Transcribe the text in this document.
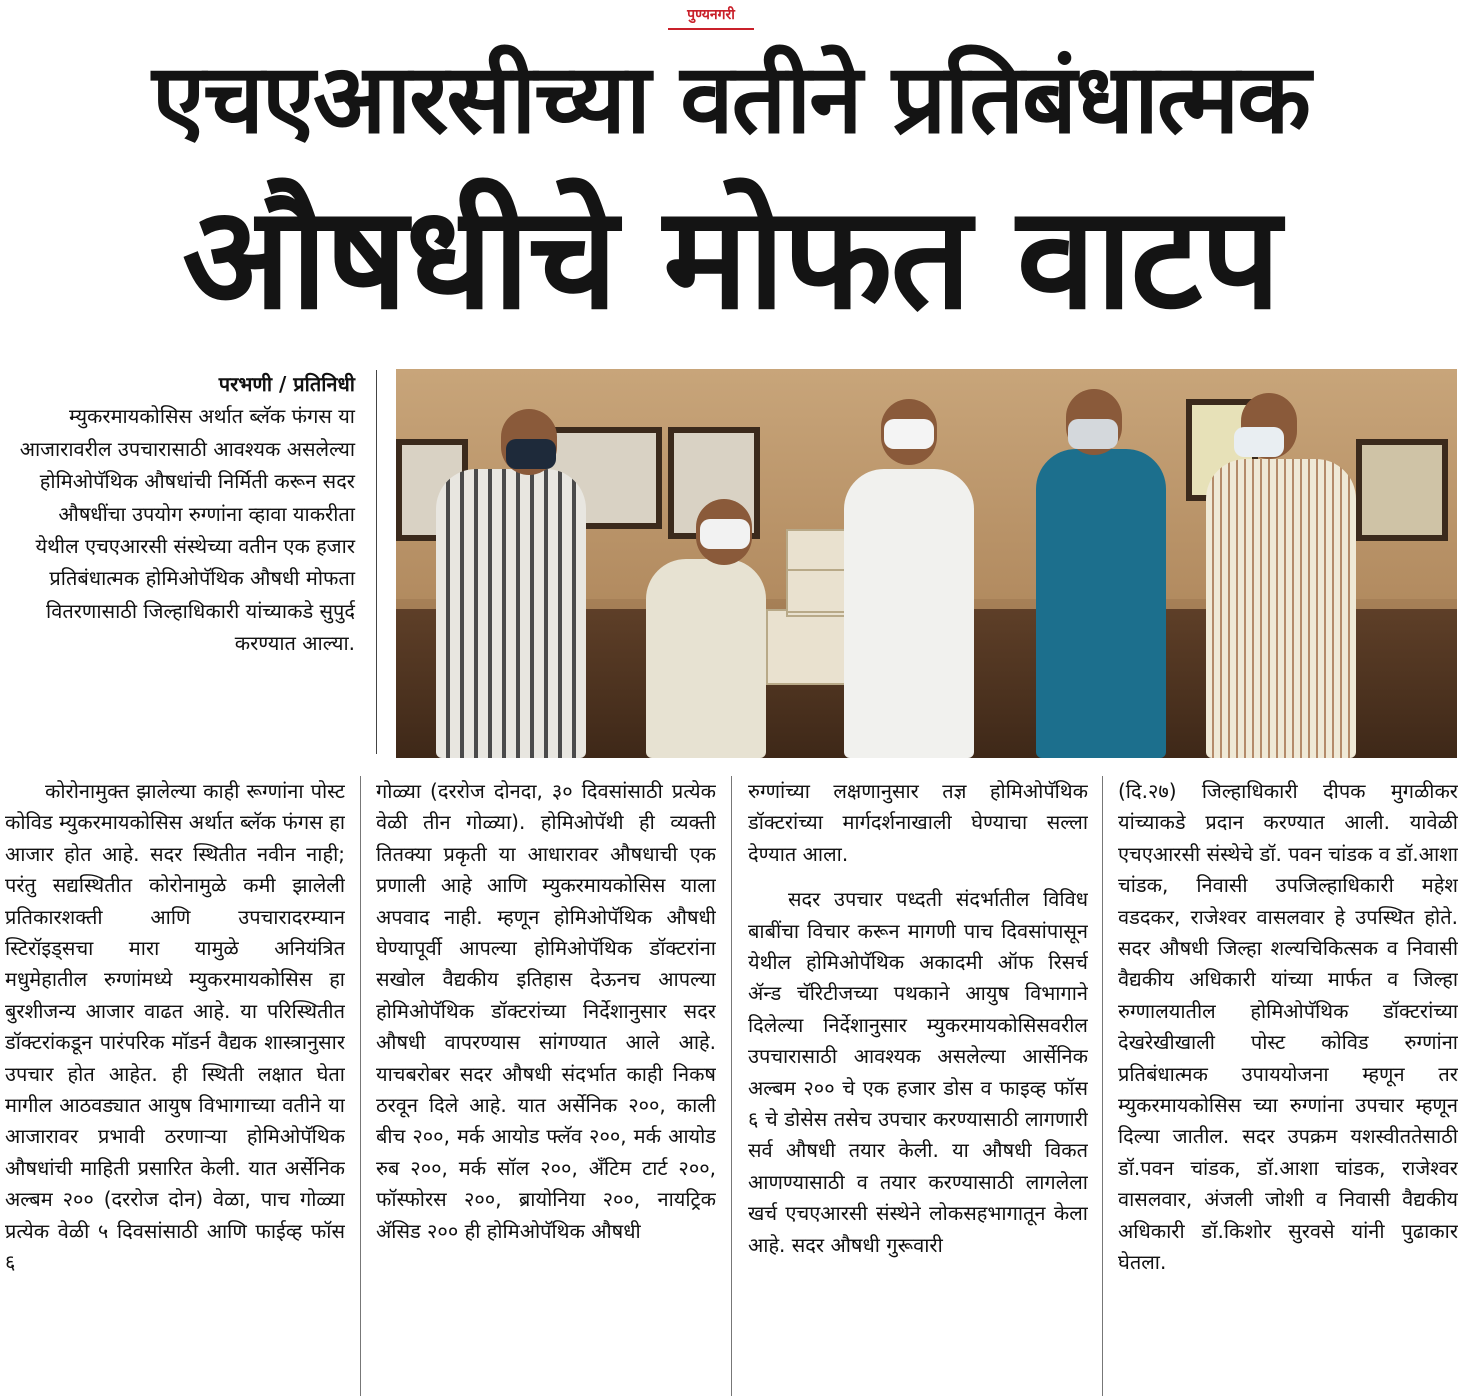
पुण्यनगरी
एचएआरसीच्या वतीने प्रतिबंधात्मक
औषधीचे मोफत वाटप
परभणी / प्रतिनिधी
म्युकरमायकोसिस अर्थात ब्लॅक फंगस या आजारावरील उपचारासाठी आवश्यक असलेल्या होमिओपॅथिक औषधांची निर्मिती करून सदर औषधींचा उपयोग रुग्णांना व्हावा याकरीता येथील एचएआरसी संस्थेच्या वतीन एक हजार प्रतिबंधात्मक होमिओपॅथिक औषधी मोफता वितरणासाठी जिल्हाधिकारी यांच्याकडे सुपुर्द करण्यात आल्या.

कोरोनामुक्त झालेल्या काही रूग्णांना पोस्ट कोविड म्युकरमायकोसिस अर्थात ब्लॅक फंगस हा आजार होत आहे. सदर स्थितीत नवीन नाही; परंतु सद्यस्थितीत कोरोनामुळे कमी झालेली प्रतिकारशक्ती आणि उपचारादरम्यान स्टिरॉइड्सचा मारा यामुळे अनियंत्रित मधुमेहातील रुग्णांमध्ये म्युकरमायकोसिस हा बुरशीजन्य आजार वाढत आहे. या परिस्थितीत डॉक्टरांकडून पारंपरिक मॉडर्न वैद्यक शास्त्रानुसार उपचार होत आहेत. ही स्थिती लक्षात घेता मागील आठवड्यात आयुष विभागाच्या वतीने या आजारावर प्रभावी ठरणाऱ्या होमिओपॅथिक औषधांची माहिती प्रसारित केली. यात अर्सेनिक अल्बम २०० (दररोज दोन) वेळा, पाच गोळ्या प्रत्येक वेळी ५ दिवसांसाठी आणि फाईव्ह फॉस ६

गोळ्या (दररोज दोनदा, ३० दिवसांसाठी प्रत्येक वेळी तीन गोळ्या). होमिओपॅथी ही व्यक्ती तितक्या प्रकृती या आधारावर औषधाची एक प्रणाली आहे आणि म्युकरमायकोसिस याला अपवाद नाही. म्हणून होमिओपॅथिक औषधी घेण्यापूर्वी आपल्या होमिओपॅथिक डॉक्टरांना सखोल वैद्यकीय इतिहास देऊनच आपल्या होमिओपॅथिक डॉक्टरांच्या निर्देशानुसार सदर औषधी वापरण्यास सांगण्यात आले आहे. याचबरोबर सदर औषधी संदर्भात काही निकष ठरवून दिले आहे. यात अर्सेनिक २००, काली बीच २००, मर्क आयोड फ्लॅव २००, मर्क आयोड रुब २००, मर्क सॉल २००, ॲंटिम टार्ट २००, फॉस्फोरस २००, ब्रायोनिया २००, नायट्रिक ॲसिड २०० ही होमिओपॅथिक औषधी

रुग्णांच्या लक्षणानुसार तज्ञ होमिओपॅथिक डॉक्टरांच्या मार्गदर्शनाखाली घेण्याचा सल्ला देण्यात आला.

सदर उपचार पध्दती संदर्भातील विविध बाबींचा विचार करून मागणी पाच दिवसांपासून येथील होमिओपॅथिक अकादमी ऑफ रिसर्च ॲन्ड चॅरिटीजच्या पथकाने आयुष विभागाने दिलेल्या निर्देशानुसार म्युकरमायकोसिसवरील उपचारासाठी आवश्यक असलेल्या आर्सेनिक अल्बम २०० चे एक हजार डोस व फाइव्ह फॉस ६ चे डोसेस तसेच उपचार करण्यासाठी लागणारी सर्व औषधी तयार केली. या औषधी विकत आणण्यासाठी व तयार करण्यासाठी लागलेला खर्च एचएआरसी संस्थेने लोकसहभागातून केला आहे. सदर औषधी गुरूवारी

(दि.२७) जिल्हाधिकारी दीपक मुगळीकर यांच्याकडे प्रदान करण्यात आली. यावेळी एचएआरसी संस्थेचे डॉ. पवन चांडक व डॉ.आशा चांडक, निवासी उपजिल्हाधिकारी महेश वडदकर, राजेश्वर वासलवार हे उपस्थित होते. सदर औषधी जिल्हा शल्यचिकित्सक व निवासी वैद्यकीय अधिकारी यांच्या मार्फत व जिल्हा रुग्णालयातील होमिओपॅथिक डॉक्टरांच्या देखरेखीखाली पोस्ट कोविड रुग्णांना प्रतिबंधात्मक उपाययोजना म्हणून तर म्युकरमायकोसिस च्या रुग्णांना उपचार म्हणून दिल्या जातील. सदर उपक्रम यशस्वीततेसाठी डॉ.पवन चांडक, डॉ.आशा चांडक, राजेश्वर वासलवार, अंजली जोशी व निवासी वैद्यकीय अधिकारी डॉ.किशोर सुरवसे यांनी पुढाकार घेतला.
